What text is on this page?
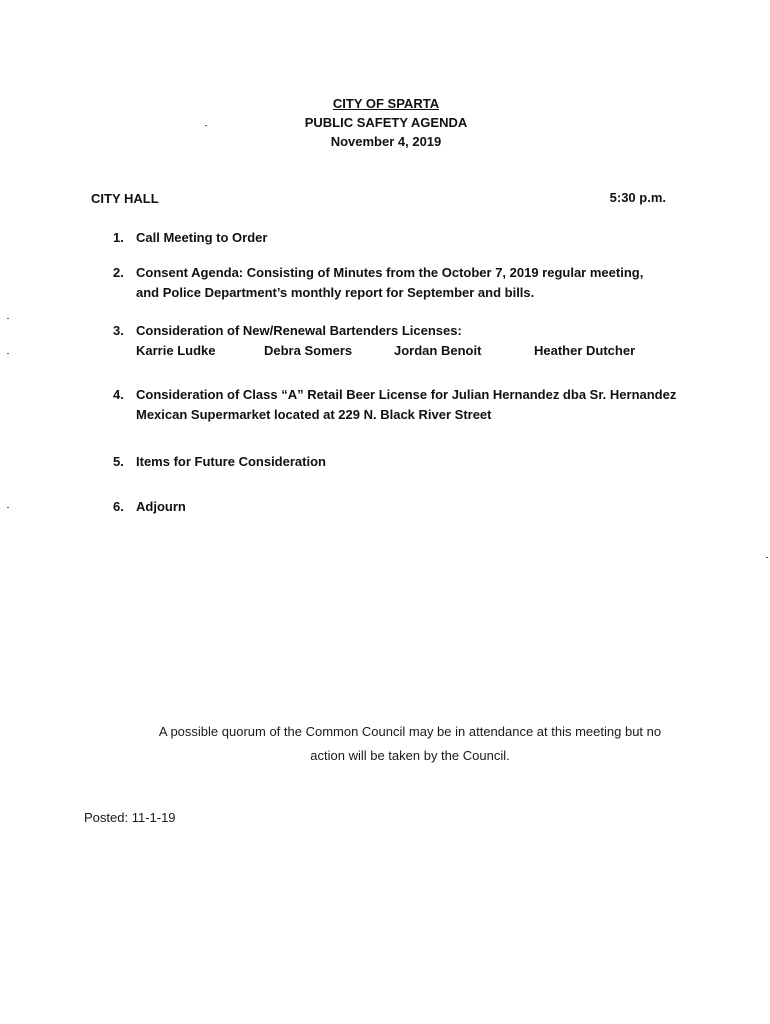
CITY OF SPARTA
PUBLIC SAFETY AGENDA
November 4, 2019
CITY HALL	5:30 p.m.
1. Call Meeting to Order
2. Consent Agenda: Consisting of Minutes from the October 7, 2019 regular meeting,
and Police Department’s monthly report for September and bills.
3. Consideration of New/Renewal Bartenders Licenses:
Karrie Ludke	Debra Somers	Jordan Benoit	Heather Dutcher
4. Consideration of Class “A” Retail Beer License for Julian Hernandez dba Sr. Hernandez
Mexican Supermarket located at 229 N. Black River Street
5. Items for Future Consideration
6. Adjourn
A possible quorum of the Common Council may be in attendance at this meeting but no
action will be taken by the Council.
Posted: 11-1-19
